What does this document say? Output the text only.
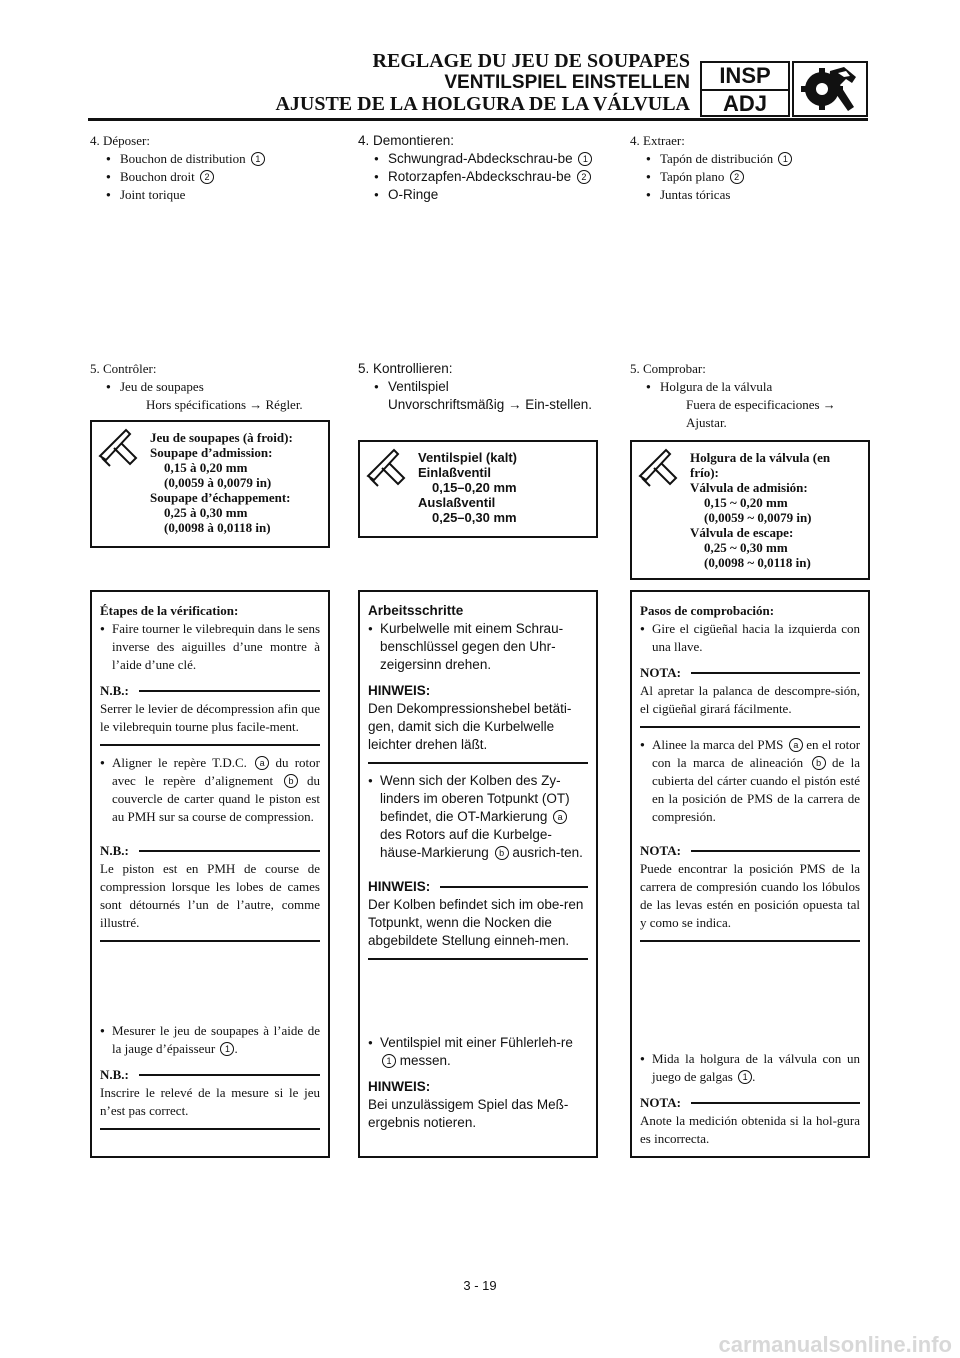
REGLAGE DU JEU DE SOUPAPES
VENTILSPIEL EINSTELLEN
AJUSTE DE LA HOLGURA DE LA VÁLVULA
INSP
ADJ
4. Déposer:
● Bouchon de distribution 1
● Bouchon droit 2
● Joint torique
5. Contrôler:
● Jeu de soupapes
Hors spécifications → Régler.
Jeu de soupapes (à froid):
Soupape d’admission:
0,15 à 0,20 mm
(0,0059 à 0,0079 in)
Soupape d’échappement:
0,25 à 0,30 mm
(0,0098 à 0,0118 in)
Étapes de la vérification:
● Faire tourner le vilebrequin dans le sens inverse des aiguilles d’une montre à l’aide d’une clé.
N.B.:
Serrer le levier de décompression afin que le vilebrequin tourne plus facile-ment.
● Aligner le repère T.D.C. a du rotor avec le repère d’alignement b du couvercle de carter quand le piston est au PMH sur sa course de compression.
N.B.:
Le piston est en PMH de course de compression lorsque les lobes de cames sont détournés l’un de l’autre, comme illustré.
● Mesurer le jeu de soupapes à l’aide de la jauge d’épaisseur 1 .
N.B.:
Inscrire le relevé de la mesure si le jeu n’est pas correct.
4. Demontieren:
● Schwungrad-Abdeckschrau-be 1
● Rotorzapfen-Abdeckschrau-be 2
● O-Ringe
5. Kontrollieren:
● Ventilspiel
Unvorschriftsmäßig → Ein-stellen.
Ventilspiel (kalt)
Einlaßventil
0,15–0,20 mm
Auslaßventil
0,25–0,30 mm
Arbeitsschritte
● Kurbelwelle mit einem Schrau-benschlüssel gegen den Uhr-zeigersinn drehen.
HINWEIS:
Den Dekompressionshebel betäti-gen, damit sich die Kurbelwelle leichter drehen läßt.
● Wenn sich der Kolben des Zy-linders im oberen Totpunkt (OT) befindet, die OT-Markierung a des Rotors auf die Kurbelge-häuse-Markierung b ausrich-ten.
HINWEIS:
Der Kolben befindet sich im obe-ren Totpunkt, wenn die Nocken die abgebildete Stellung einneh-men.
● Ventilspiel mit einer Fühlerleh-re 1 messen.
HINWEIS:
Bei unzulässigem Spiel das Meß-ergebnis notieren.
4. Extraer:
● Tapón de distribución 1
● Tapón plano 2
● Juntas tóricas
5. Comprobar:
● Holgura de la válvula
Fuera de especificaciones → Ajustar.
Holgura de la válvula (en
frío):
Válvula de admisión:
0,15 ~ 0,20 mm
(0,0059 ~ 0,0079 in)
Válvula de escape:
0,25 ~ 0,30 mm
(0,0098 ~ 0,0118 in)
Pasos de comprobación:
● Gire el cigüeñal hacia la izquierda con una llave.
NOTA:
Al apretar la palanca de descompre-sión, el cigüeñal girará fácilmente.
● Alinee la marca del PMS a en el rotor con la marca de alineación b de la cubierta del cárter cuando el pistón esté en la posición de PMS de la carrera de compresión.
NOTA:
Puede encontrar la posición PMS de la carrera de compresión cuando los lóbulos de las levas estén en posición opuesta tal y como se indica.
● Mida la holgura de la válvula con un juego de galgas 1 .
NOTA:
Anote la medición obtenida si la hol-gura es incorrecta.
3 - 19
carmanualsonline.info
